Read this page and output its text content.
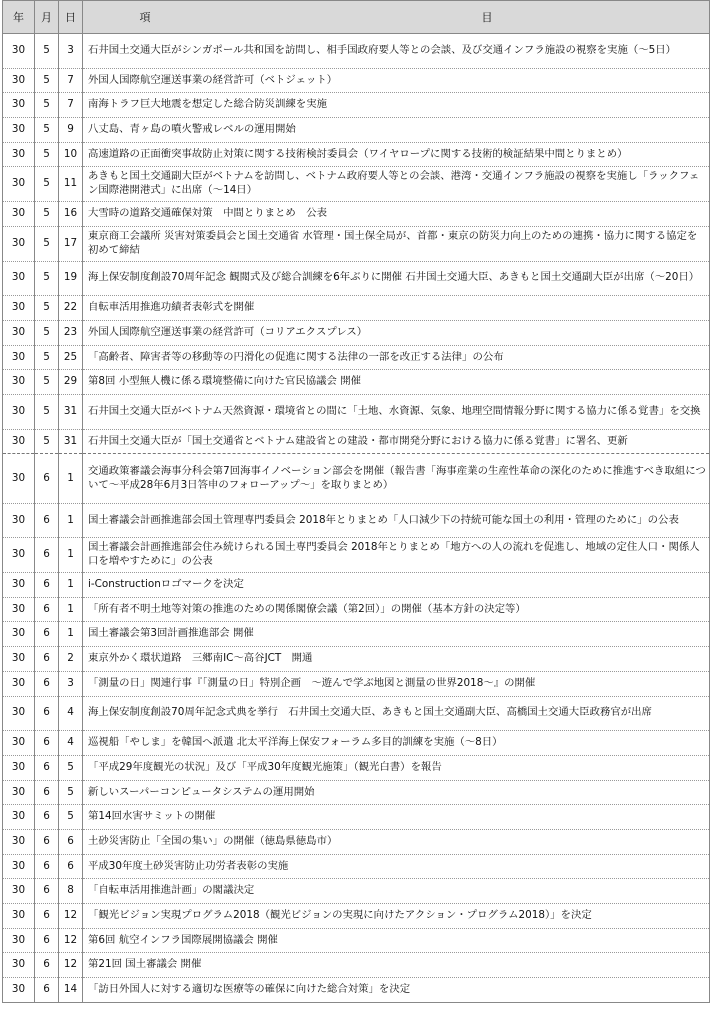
年	月	日	項　目
30	5	3	石井国土交通大臣がシンガポール共和国を訪問し、相手国政府要人等との会談、及び交通インフラ施設の視察を実施（〜5日）
30	5	7	外国人国際航空運送事業の経営許可（ベトジェット）
30	5	7	南海トラフ巨大地震を想定した総合防災訓練を実施
30	5	9	八丈島、青ヶ島の噴火警戒レベルの運用開始
30	5	10	高速道路の正面衝突事故防止対策に関する技術検討委員会（ワイヤロープに関する技術的検証結果中間とりまとめ）
30	5	11	あきもと国土交通副大臣がベトナムを訪問し、ベトナム政府要人等との会談、港湾・交通インフラ施設の視察を実施し「ラックフェン国際港開港式」に出席（〜14日）
30	5	16	大雪時の道路交通確保対策　中間とりまとめ　公表
30	5	17	東京商工会議所 災害対策委員会と国土交通省 水管理・国土保全局が、首都・東京の防災力向上のための連携・協力に関する協定を初めて締結
30	5	19	海上保安制度創設70周年記念 観閲式及び総合訓練を6年ぶりに開催 石井国土交通大臣、あきもと国土交通副大臣が出席（〜20日）
30	5	22	自転車活用推進功績者表彰式を開催
30	5	23	外国人国際航空運送事業の経営許可（コリアエクスプレス）
30	5	25	「高齢者、障害者等の移動等の円滑化の促進に関する法律の一部を改正する法律」の公布
30	5	29	第8回 小型無人機に係る環境整備に向けた官民協議会 開催
30	5	31	石井国土交通大臣がベトナム天然資源・環境省との間に「土地、水資源、気象、地理空間情報分野に関する協力に係る覚書」を交換
30	5	31	石井国土交通大臣が「国土交通省とベトナム建設省との建設・都市開発分野における協力に係る覚書」に署名、更新
30	6	1	交通政策審議会海事分科会第7回海事イノベーション部会を開催（報告書「海事産業の生産性革命の深化のために推進すべき取組について〜平成28年6月3日答申のフォローアップ〜」を取りまとめ）
30	6	1	国土審議会計画推進部会国土管理専門委員会 2018年とりまとめ「人口減少下の持続可能な国土の利用・管理のために」の公表
30	6	1	国土審議会計画推進部会住み続けられる国土専門委員会 2018年とりまとめ「地方への人の流れを促進し、地域の定住人口・関係人口を増やすために」の公表
30	6	1	i-Constructionロゴマークを決定
30	6	1	「所有者不明土地等対策の推進のための関係閣僚会議（第2回）」の開催（基本方針の決定等）
30	6	1	国土審議会第3回計画推進部会 開催
30	6	2	東京外かく環状道路　三郷南IC〜高谷JCT　開通
30	6	3	「測量の日」関連行事『「測量の日」特別企画　〜遊んで学ぶ地図と測量の世界2018〜』の開催
30	6	4	海上保安制度創設70周年記念式典を挙行　石井国土交通大臣、あきもと国土交通副大臣、高橋国土交通大臣政務官が出席
30	6	4	巡視船「やしま」を韓国へ派遣 北太平洋海上保安フォーラム多目的訓練を実施（〜8日）
30	6	5	「平成29年度観光の状況」及び「平成30年度観光施策」（観光白書）を報告
30	6	5	新しいスーパーコンピュータシステムの運用開始
30	6	5	第14回水害サミットの開催
30	6	6	土砂災害防止「全国の集い」の開催（徳島県徳島市）
30	6	6	平成30年度土砂災害防止功労者表彰の実施
30	6	8	「自転車活用推進計画」の閣議決定
30	6	12	「観光ビジョン実現プログラム2018（観光ビジョンの実現に向けたアクション・プログラム2018）」を決定
30	6	12	第6回 航空インフラ国際展開協議会 開催
30	6	12	第21回 国土審議会 開催
30	6	14	「訪日外国人に対する適切な医療等の確保に向けた総合対策」を決定
